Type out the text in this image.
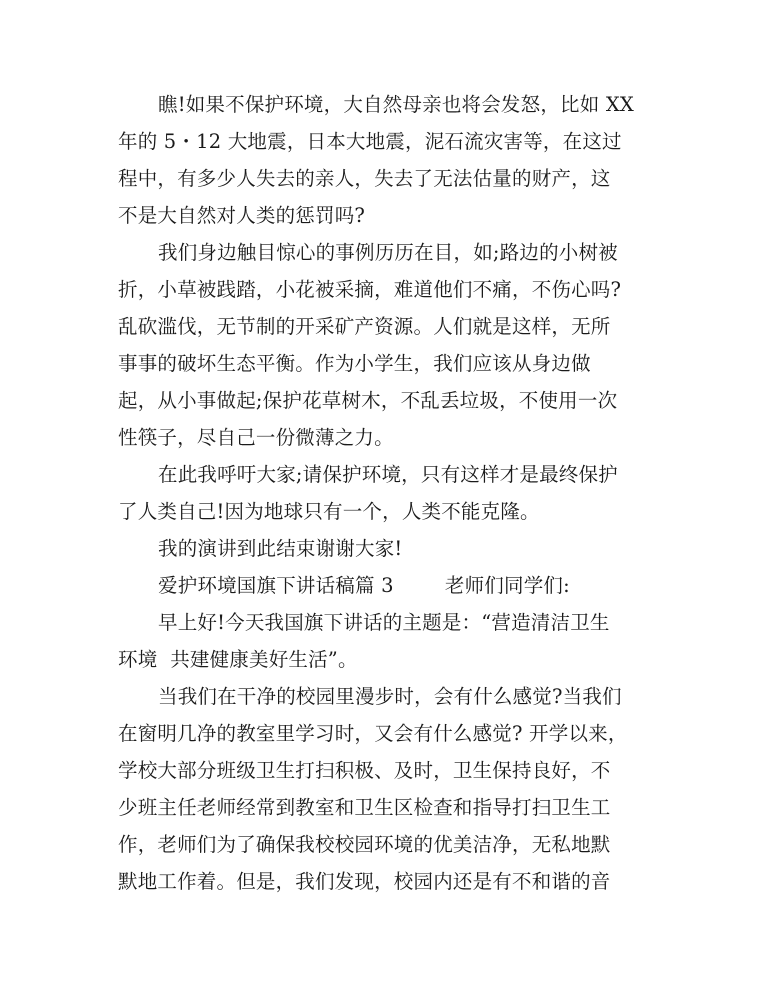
瞧!如果不保护环境，大自然母亲也将会发怒，比如 XX
年的 5・12 大地震，日本大地震，泥石流灾害等，在这过
程中，有多少人失去的亲人，失去了无法估量的财产，这
不是大自然对人类的惩罚吗?
我们身边触目惊心的事例历历在目，如;路边的小树被
折，小草被践踏，小花被采摘，难道他们不痛，不伤心吗?
乱砍滥伐，无节制的开采矿产资源。人们就是这样，无所
事事的破坏生态平衡。作为小学生，我们应该从身边做
起，从小事做起;保护花草树木，不乱丢垃圾，不使用一次
性筷子，尽自己一份微薄之力。
在此我呼吁大家;请保护环境，只有这样才是最终保护
了人类自己!因为地球只有一个，人类不能克隆。
我的演讲到此结束谢谢大家!
爱护环境国旗下讲话稿篇 3        老师们同学们:
早上好!今天我国旗下讲话的主题是：“营造清洁卫生
环境  共建健康美好生活”。
当我们在干净的校园里漫步时，会有什么感觉?当我们
在窗明几净的教室里学习时，又会有什么感觉? 开学以来，
学校大部分班级卫生打扫积极、及时，卫生保持良好，不
少班主任老师经常到教室和卫生区检查和指导打扫卫生工
作，老师们为了确保我校校园环境的优美洁净，无私地默
默地工作着。但是，我们发现，校园内还是有不和谐的音
